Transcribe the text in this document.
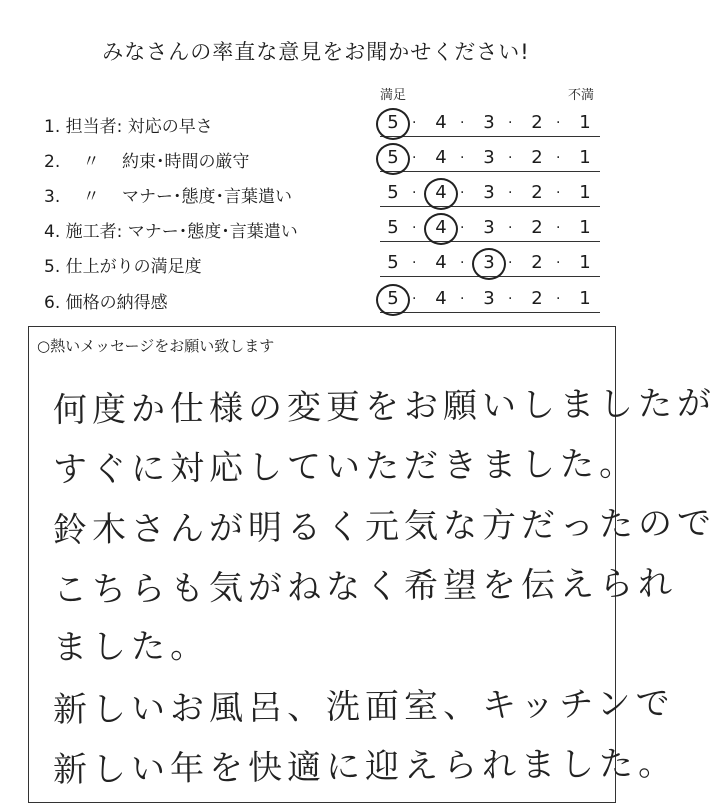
みなさんの率直な意見をお聞かせください!
満足	不満
1. 担当者: 対応の早さ	5 ·	4 ·	3 ·	2 ·	1
2.　 〃　 約束･時間の厳守	5 ·	4 ·	3 ·	2 ·	1
3.　 〃　 マナー･態度･言葉遣い	5 ·	4 ·	3 ·	2 ·	1
4. 施工者: マナー･態度･言葉遣い	5 ·	4 ·	3 ·	2 ·	1
5. 仕上がりの満足度	5 ·	4 ·	3 ·	2 ·	1
6. 価格の納得感	5 ·	4 ·	3 ·	2 ·	1
○熱いメッセージをお願い致します
何度か仕様の変更をお願いしましたが
すぐに対応していただきました。
鈴木さんが明るく元気な方だったので
こちらも気がねなく希望を伝えられ
ました。
新しいお風呂、洗面室、キッチンで
新しい年を快適に迎えられました。
